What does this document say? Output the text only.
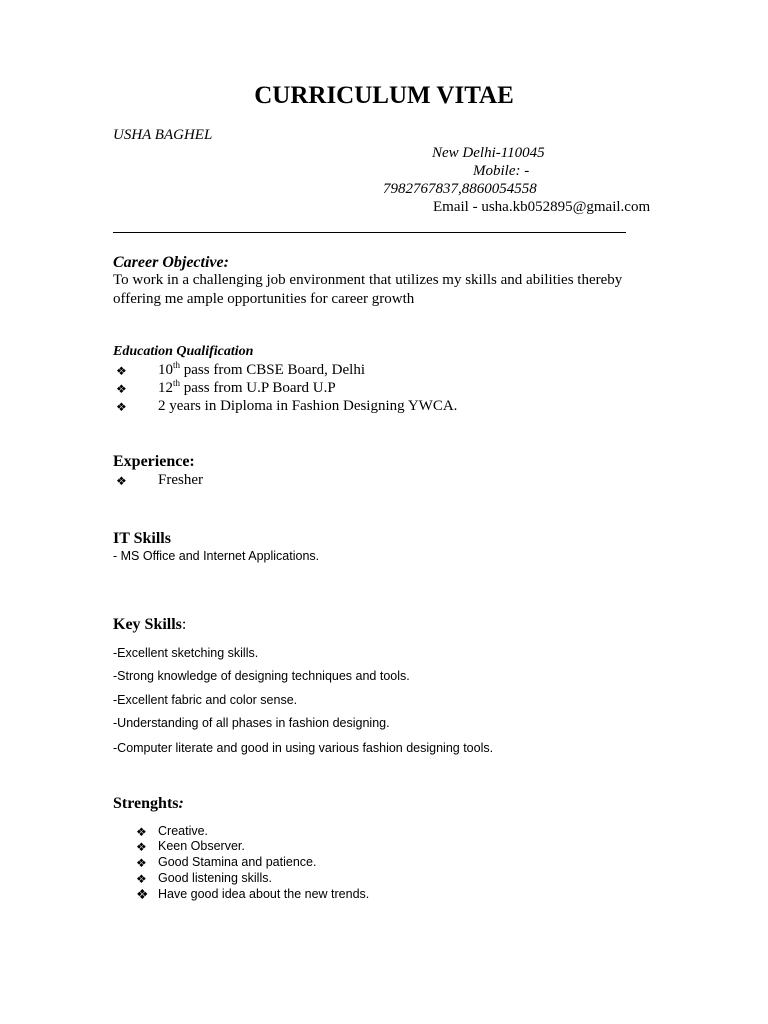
CURRICULUM VITAE
USHA BAGHEL
New Delhi-110045
Mobile: -
7982767837,8860054558
Email - usha.kb052895@gmail.com
Career Objective:
To work in a challenging job environment that utilizes my skills and abilities thereby
offering me ample opportunities for career growth
Education Qualification
❖ 10th pass from CBSE Board, Delhi
❖ 12th pass from U.P Board U.P
❖ 2 years in Diploma in Fashion Designing YWCA.
Experience:
❖ Fresher
IT Skills
- MS Office and Internet Applications.
Key Skills:
-Excellent sketching skills.
-Strong knowledge of designing techniques and tools.
-Excellent fabric and color sense.
-Understanding of all phases in fashion designing.
-Computer literate and good in using various fashion designing tools.
Strenghts:
❖ Creative.
❖ Keen Observer.
❖ Good Stamina and patience.
❖ Good listening skills.
❖ Have good idea about the new trends.
